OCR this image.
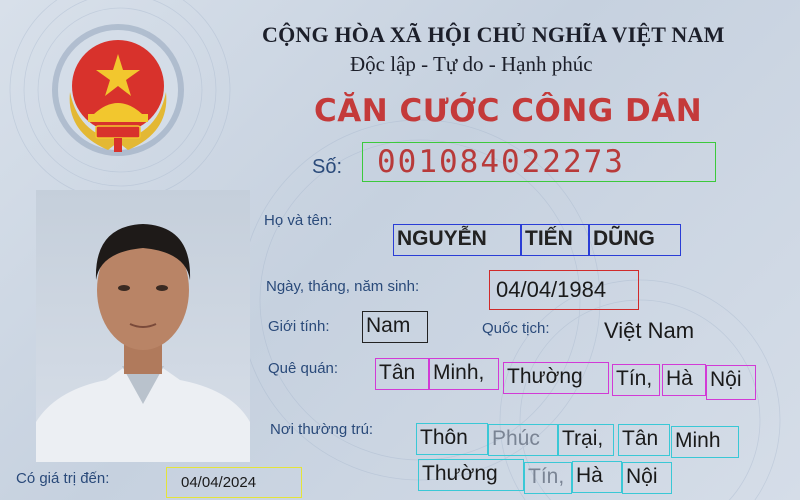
CỘNG HÒA XÃ HỘI CHỦ NGHĨA VIỆT NAM
Độc lập - Tự do - Hạnh phúc
CĂN CƯỚC CÔNG DÂN
Số:	001084022273
Họ và tên:
NGUYỄN	TIẾN DŨNG
Ngày, tháng, năm sinh:	04/04/1984
Giới tính: Nam	Quốc tịch: Việt Nam
Quê quán: Tân Minh,	Thường	Tín, Hà Nội
Nơi thường trú: Thôn	Phúc	Trại, Tân Minh
Thường	Tín, Hà	Nội
Có giá trị đến:	04/04/2024
